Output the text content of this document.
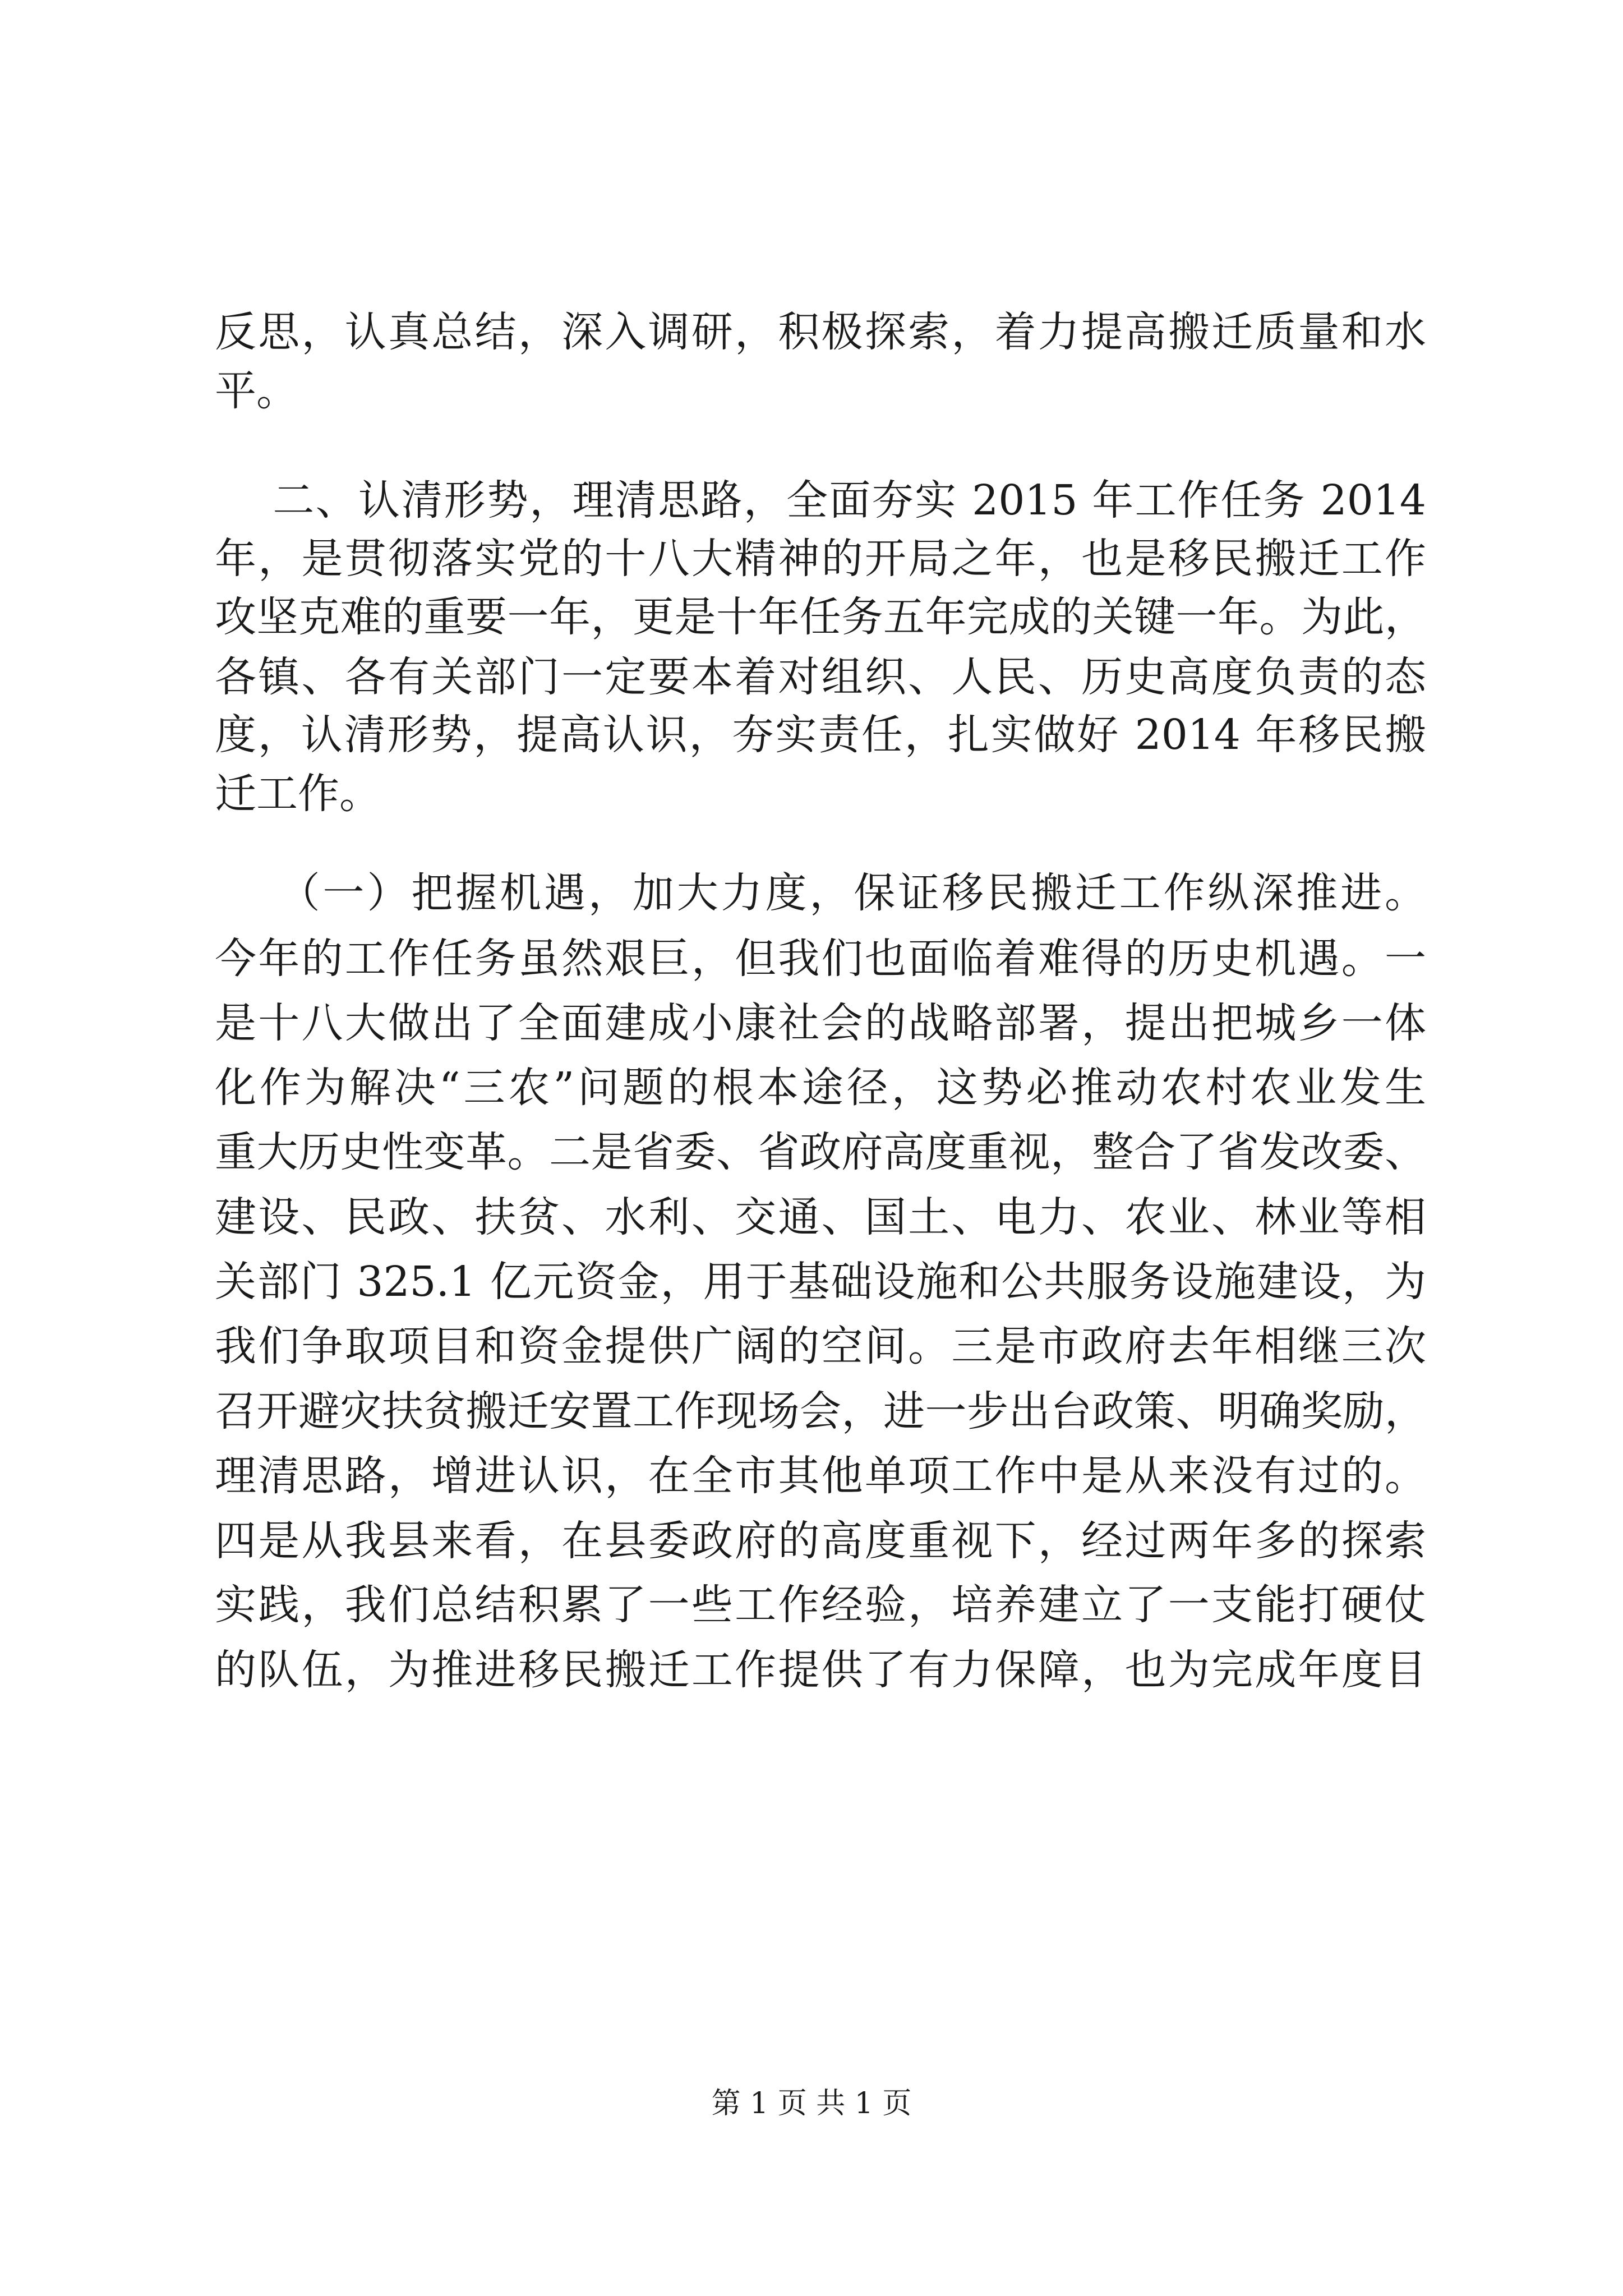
反思，认真总结，深入调研，积极探索，着力提高搬迁质量和水
平。
二、认清形势，理清思路，全面夯实 2015 年工作任务 2014
年，是贯彻落实党的十八大精神的开局之年，也是移民搬迁工作
攻坚克难的重要一年，更是十年任务五年完成的关键一年。为此，
各镇、各有关部门一定要本着对组织、人民、历史高度负责的态
度，认清形势，提高认识，夯实责任，扎实做好 2014 年移民搬
迁工作。
（一）把握机遇，加大力度，保证移民搬迁工作纵深推进。
今年的工作任务虽然艰巨，但我们也面临着难得的历史机遇。一
是十八大做出了全面建成小康社会的战略部署，提出把城乡一体
化作为解决“三农”问题的根本途径，这势必推动农村农业发生
重大历史性变革。二是省委、省政府高度重视，整合了省发改委、
建设、民政、扶贫、水利、交通、国土、电力、农业、林业等相
关部门 325.1 亿元资金，用于基础设施和公共服务设施建设，为
我们争取项目和资金提供广阔的空间。三是市政府去年相继三次
召开避灾扶贫搬迁安置工作现场会，进一步出台政策、明确奖励，
理清思路，增进认识，在全市其他单项工作中是从来没有过的。
四是从我县来看，在县委政府的高度重视下，经过两年多的探索
实践，我们总结积累了一些工作经验，培养建立了一支能打硬仗
的队伍，为推进移民搬迁工作提供了有力保障，也为完成年度目
第 1 页 共 1 页
